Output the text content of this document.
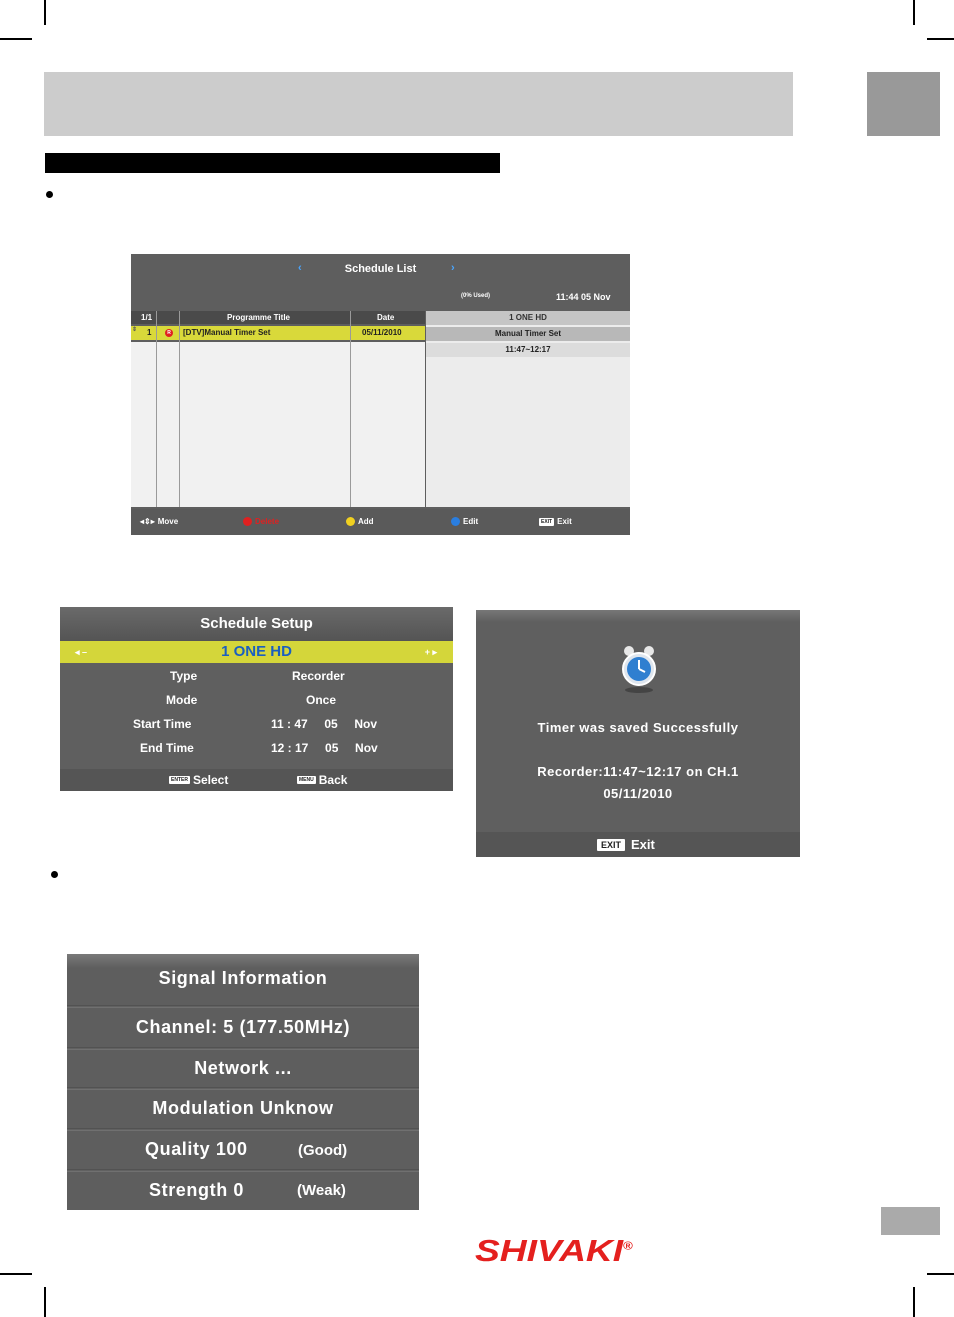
‹	Schedule List	›
(0% Used)	11:44 05 Nov
1/1	Programme Title	Date
⇕ 1	R [DTV]Manual Timer Set	05/11/2010
1 ONE HD
Manual Timer Set
11:47~12:17
◂⇕▸ Move	Delete	Add	Edit	EXIT Exit
Schedule Setup
◂ –	1 ONE HD	+ ▸
Type	Recorder
Mode	Once
Start Time	11 : 47     05     Nov
End Time	12 : 17     05     Nov
ENTER Select	MENU Back
Timer was saved Successfully
Recorder:11:47~12:17 on CH.1
05/11/2010
EXIT Exit
Signal Information
Channel: 5 (177.50MHz)
Network ...
Modulation Unknow
Quality 100	(Good)
Strength 0	(Weak)
SHIVAKI®
